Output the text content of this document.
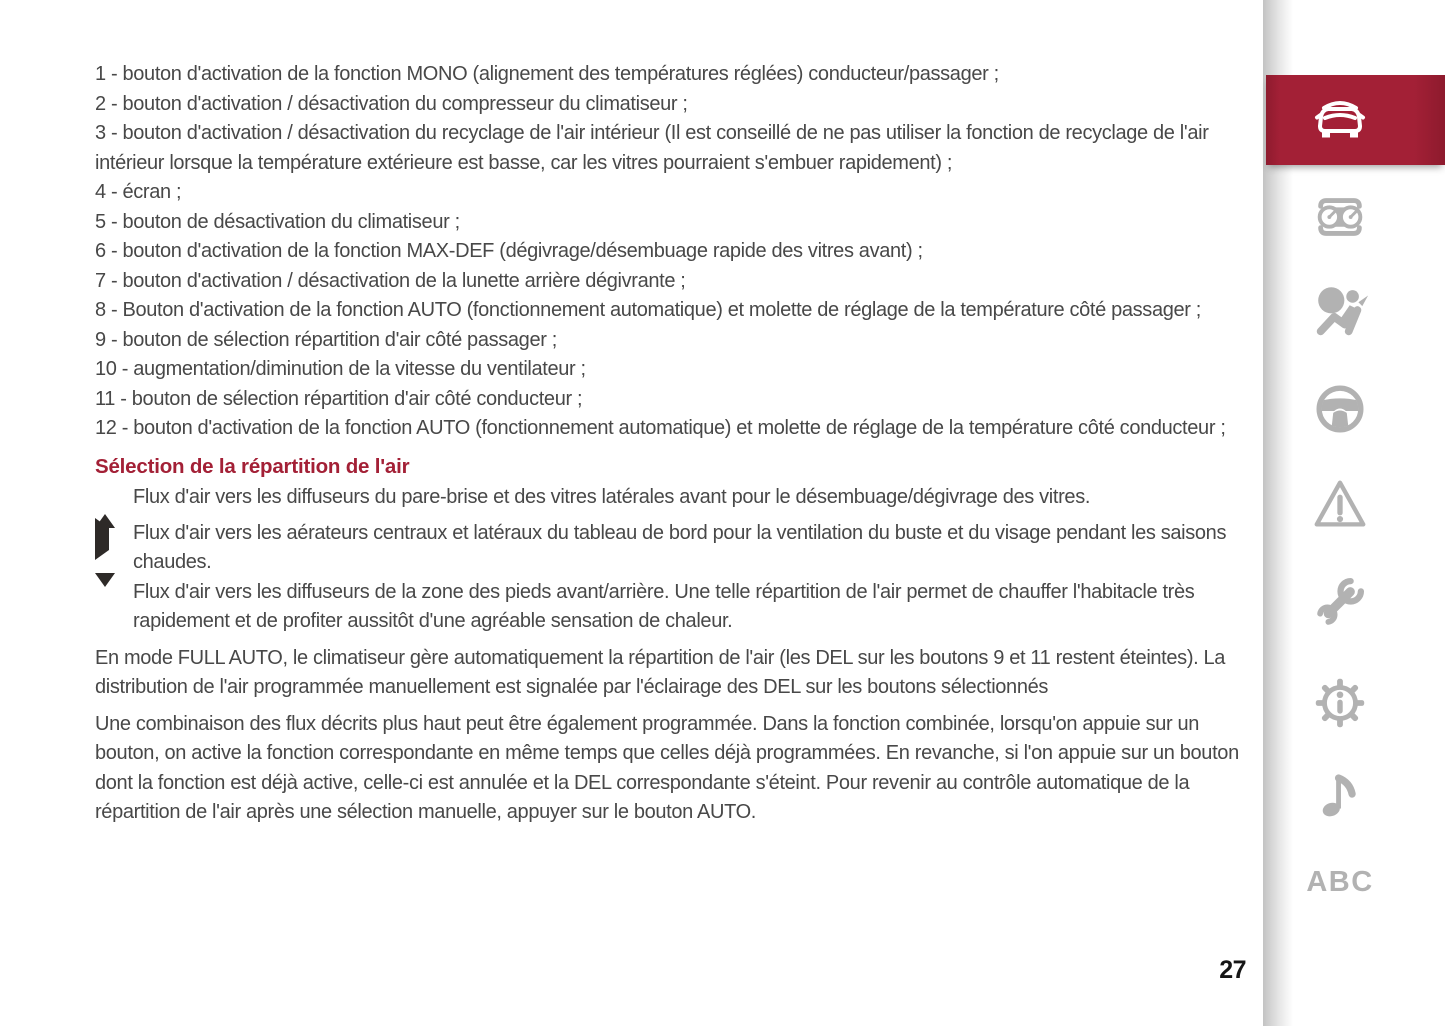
1 - bouton d'activation de la fonction MONO (alignement des températures réglées) conducteur/passager ;

2 - bouton d'activation / désactivation du compresseur du climatiseur ;

3 - bouton d'activation / désactivation du recyclage de l'air intérieur (Il est conseillé de ne pas utiliser la fonction de recyclage de l'air intérieur lorsque la température extérieure est basse, car les vitres pourraient s'embuer rapidement) ;

4 - écran ;

5 - bouton de désactivation du climatiseur ;

6 - bouton d'activation de la fonction MAX-DEF (dégivrage/désembuage rapide des vitres avant) ;

7 - bouton d'activation / désactivation de la lunette arrière dégivrante ;

8 - Bouton d'activation de la fonction AUTO (fonctionnement automatique) et molette de réglage de la température côté passager ;

9 - bouton de sélection répartition d'air côté passager ;

10 - augmentation/diminution de la vitesse du ventilateur ;

11 - bouton de sélection répartition d'air côté conducteur ;

12 - bouton d'activation de la fonction AUTO (fonctionnement automatique) et molette de réglage de la température côté conducteur ;

Sélection de la répartition de l'air
Flux d'air vers les diffuseurs du pare-brise et des vitres latérales avant pour le désembuage/dégivrage des vitres.
Flux d'air vers les aérateurs centraux et latéraux du tableau de bord pour la ventilation du buste et du visage pendant les saisons chaudes.
Flux d'air vers les diffuseurs de la zone des pieds avant/arrière. Une telle répartition de l'air permet de chauffer l'habitacle très rapidement et de profiter aussitôt d'une agréable sensation de chaleur.

En mode FULL AUTO, le climatiseur gère automatiquement la répartition de l'air (les DEL sur les boutons 9 et 11 restent éteintes). La distribution de l'air programmée manuellement est signalée par l'éclairage des DEL sur les boutons sélectionnés

Une combinaison des flux décrits plus haut peut être également programmée. Dans la fonction combinée, lorsqu'on appuie sur un bouton, on active la fonction correspondante en même temps que celles déjà programmées. En revanche, si l'on appuie sur un bouton dont la fonction est déjà active, celle-ci est annulée et la DEL correspondante s'éteint. Pour revenir au contrôle automatique de la répartition de l'air après une sélection manuelle, appuyer sur le bouton AUTO.

ABC
27
